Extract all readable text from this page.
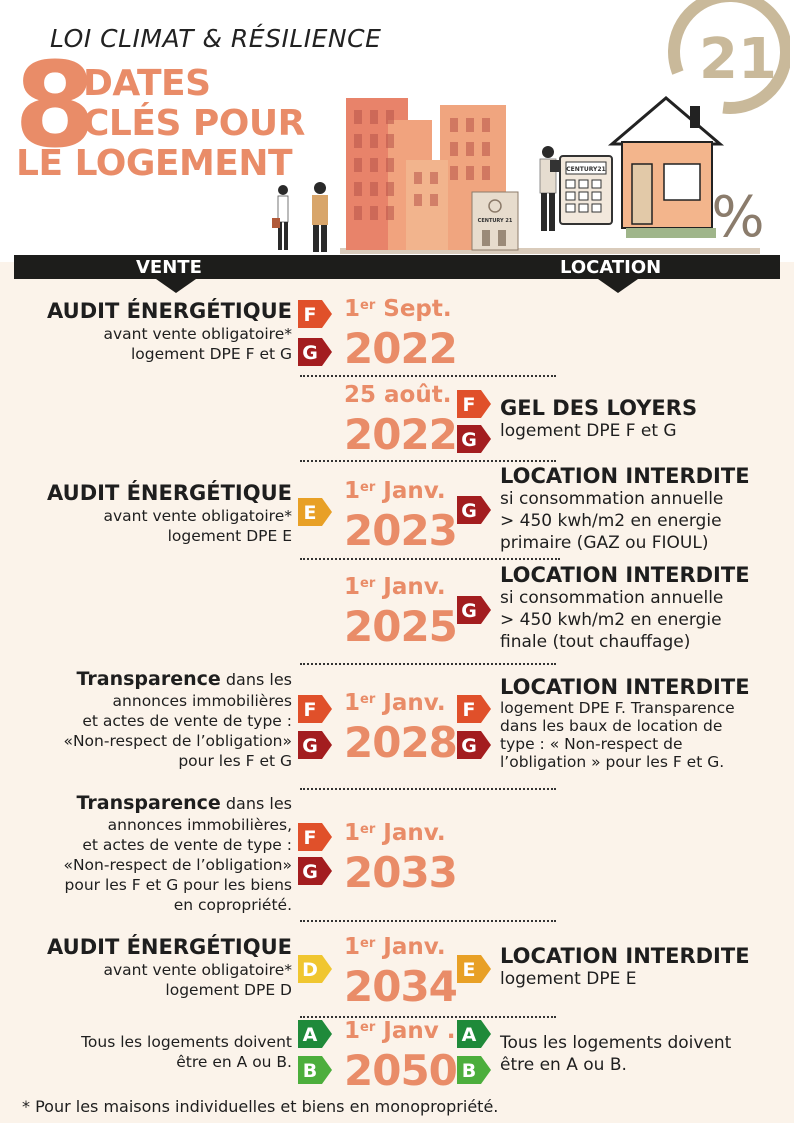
LOI CLIMAT & RÉSILIENCE
8
DATES
CLÉS POUR
LE LOGEMENT
21
CENTURY 21
CENTURY21
%
VENTE	LOCATION
1er Sept.
2022
AUDIT ÉNERGÉTIQUE
avant vente obligatoire*
logement DPE F et G
F
G
25 août.
2022
GEL DES LOYERS
logement DPE F et G
F
G
1er Janv.
2023
AUDIT ÉNERGÉTIQUE
avant vente obligatoire*
logement DPE E
E
LOCATION INTERDITE
si consommation annuelle
> 450 kwh/m2 en energie
primaire (GAZ ou FIOUL)
G
1er Janv.
2025
LOCATION INTERDITE
si consommation annuelle
> 450 kwh/m2 en energie
finale (tout chauffage)
G
1er Janv.
2028
Transparence dans les
annonces immobilières
et actes de vente de type :
«Non-respect de l’obligation»
pour les F et G
F
G
LOCATION INTERDITE
logement DPE F. Transparence
dans les baux de location de
type : « Non-respect de
l’obligation » pour les F et G.
F
G
1er Janv.
2033
Transparence dans les
annonces immobilières,
et actes de vente de type :
«Non-respect de l’obligation»
pour les F et G pour les biens
en copropriété.
F
G
1er Janv.
2034
AUDIT ÉNERGÉTIQUE
avant vente obligatoire*
logement DPE D
D
LOCATION INTERDITE
logement DPE E
E
1er Janv .
2050
Tous les logements doivent
être en A ou B.
A
B
Tous les logements doivent
être en A ou B.
A
B
* Pour les maisons individuelles et biens en monopropriété.
